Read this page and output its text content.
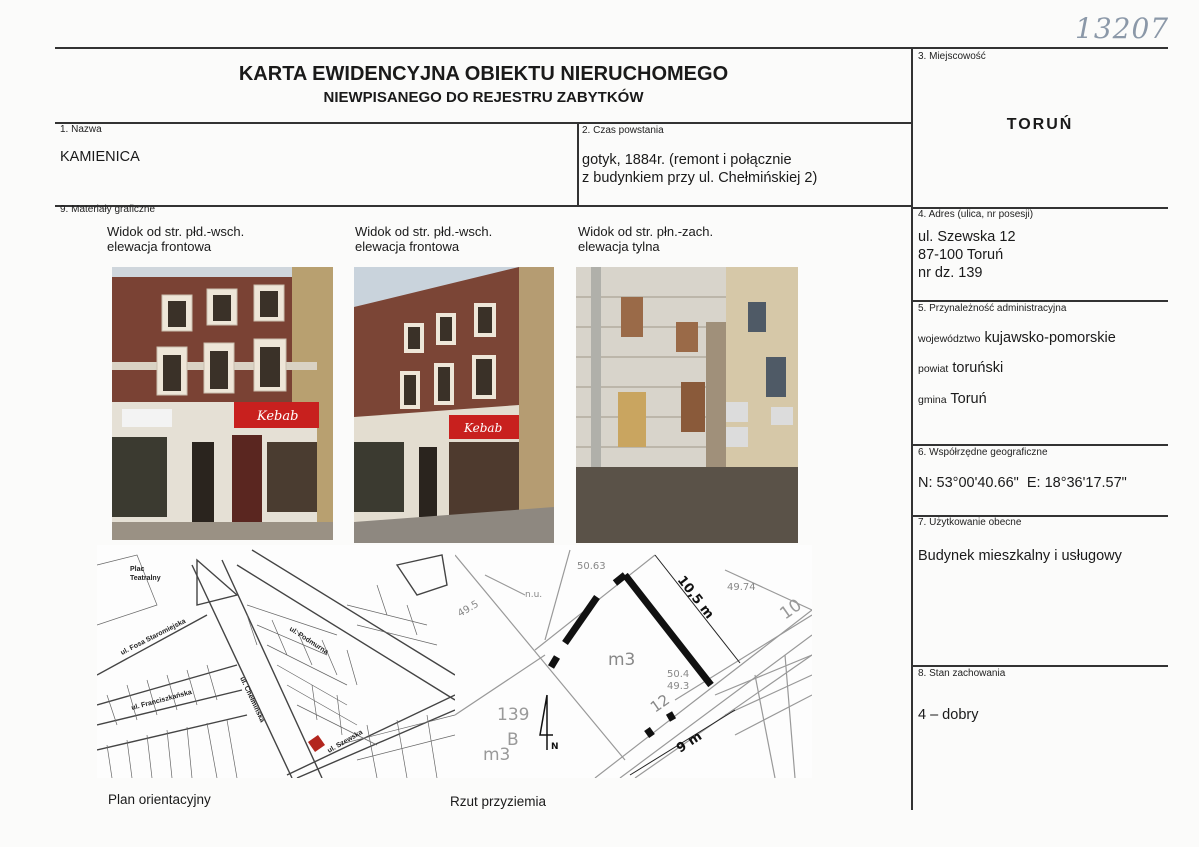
13207
KARTA EWIDENCYJNA OBIEKTU NIERUCHOMEGO
NIEWPISANEGO DO REJESTRU ZABYTKÓW
1. Nazwa
KAMIENICA
2. Czas powstania
gotyk, 1884r. (remont i połącznie
z budynkiem przy ul. Chełmińskiej 2)
3. Miejscowość
TORUŃ
4. Adres (ulica, nr posesji)
ul. Szewska 12
87-100 Toruń
nr dz. 139
5. Przynależność administracyjna
województwo kujawsko-pomorskie
powiat toruński
gmina Toruń
6. Współrzędne geograficzne
N: 53°00'40.66"  E: 18°36'17.57"
7. Użytkowanie obecne
Budynek mieszkalny i usługowy
8. Stan zachowania
4 – dobry
9. Materiały graficzne
Widok od str. płd.-wsch.
elewacja frontowa
Widok od str. płd.-wsch.
elewacja frontowa
Widok od str. płn.-zach.
elewacja tylna
Kebab
Kebab
Plac
Teatralny
ul. Fosa Staromiejska
ul. Franciszkańska	ul. Chełmińska
ul. Podmurna
ul. Szewska
10,5 m
9 m
m3
139
B
m3
12
10
n.u.
49.74
50.4
49.3
50.63
49.5
N
Plan orientacyjny	Rzut przyziemia
